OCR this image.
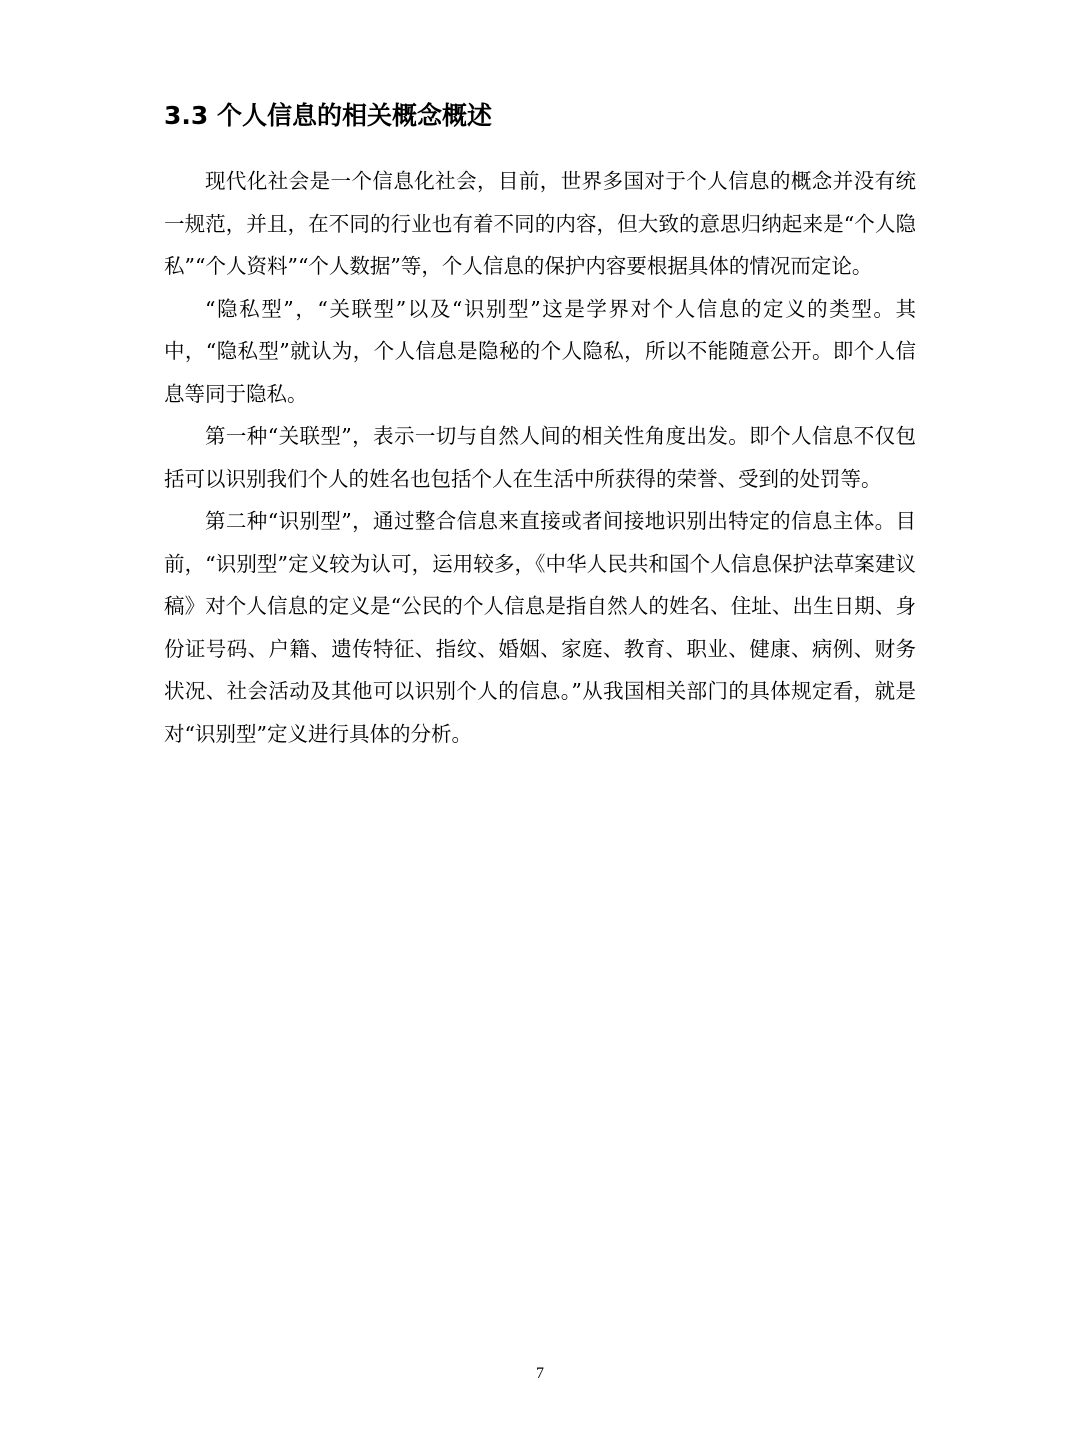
3.3 个人信息的相关概念概述

现代化社会是一个信息化社会，目前，世界多国对于个人信息的概念并没有统一规范，并且，在不同的行业也有着不同的内容，但大致的意思归纳起来是“个人隐私”“个人资料”“个人数据”等，个人信息的保护内容要根据具体的情况而定论。

“隐私型”，“关联型”以及“识别型”这是学界对个人信息的定义的类型。其中，“隐私型”就认为，个人信息是隐秘的个人隐私，所以不能随意公开。即个人信息等同于隐私。

第一种“关联型”，表示一切与自然人间的相关性角度出发。即个人信息不仅包括可以识别我们个人的姓名也包括个人在生活中所获得的荣誉、受到的处罚等。

第二种“识别型”，通过整合信息来直接或者间接地识别出特定的信息主体。目前，“识别型”定义较为认可，运用较多，《中华人民共和国个人信息保护法草案建议稿》对个人信息的定义是“公民的个人信息是指自然人的姓名、住址、出生日期、身份证号码、户籍、遗传特征、指纹、婚姻、家庭、教育、职业、健康、病例、财务状况、社会活动及其他可以识别个人的信息。”从我国相关部门的具体规定看，就是对“识别型”定义进行具体的分析。

7
